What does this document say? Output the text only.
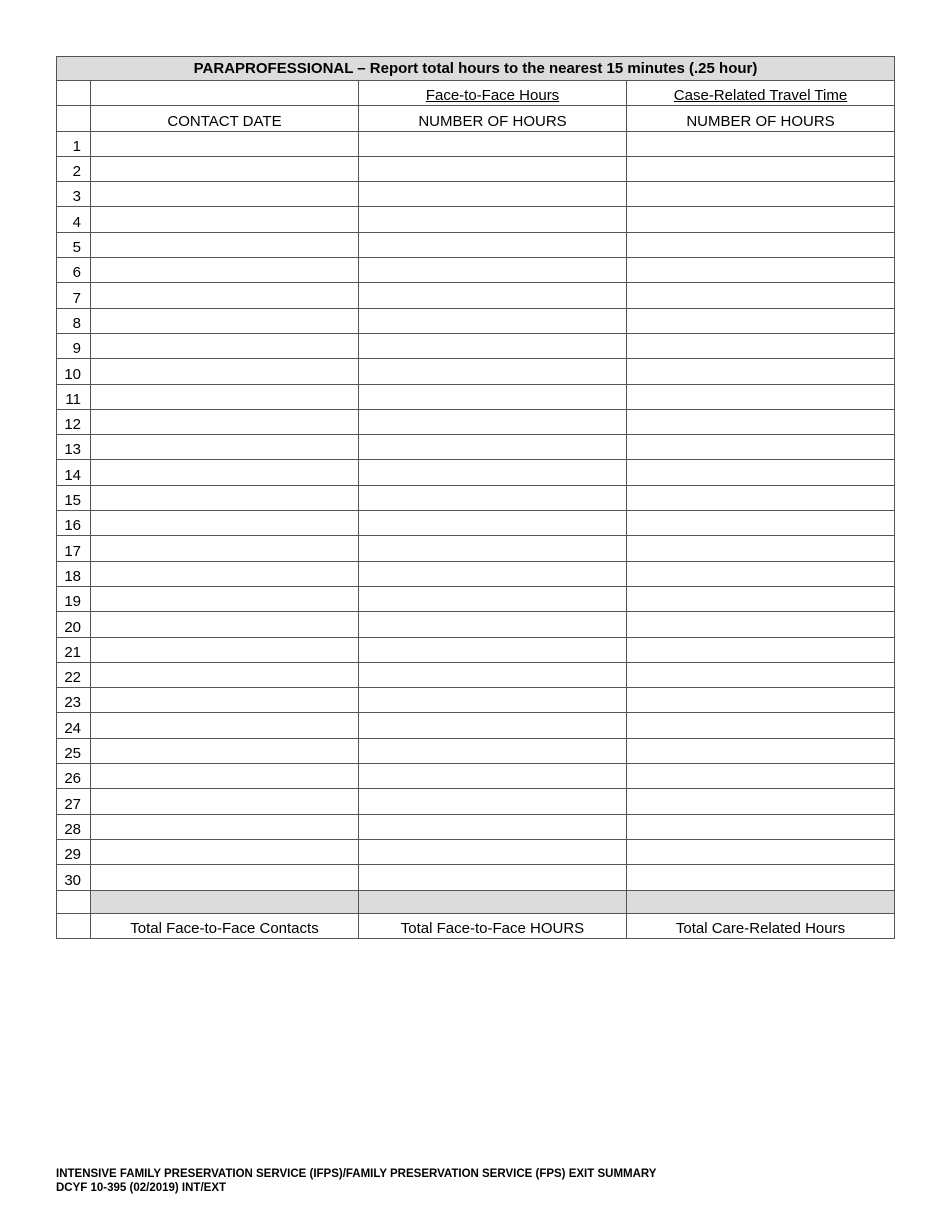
PARAPROFESSIONAL – Report total hours to the nearest 15 minutes (.25 hour)			
		Face-to-Face Hours	Case-Related Travel Time
	CONTACT DATE	NUMBER OF HOURS	NUMBER OF HOURS
1			
2			
3			
4			
5			
6			
7			
8			
9			
10			
11			
12			
13			
14			
15			
16			
17			
18			
19			
20			
21			
22			
23			
24			
25			
26			
27			
28			
29			
30			

	Total Face-to-Face Contacts	Total Face-to-Face HOURS	Total Care-Related Hours
INTENSIVE FAMILY PRESERVATION SERVICE (IFPS)/FAMILY PRESERVATION SERVICE (FPS) EXIT SUMMARY
DCYF 10-395 (02/2019) INT/EXT
